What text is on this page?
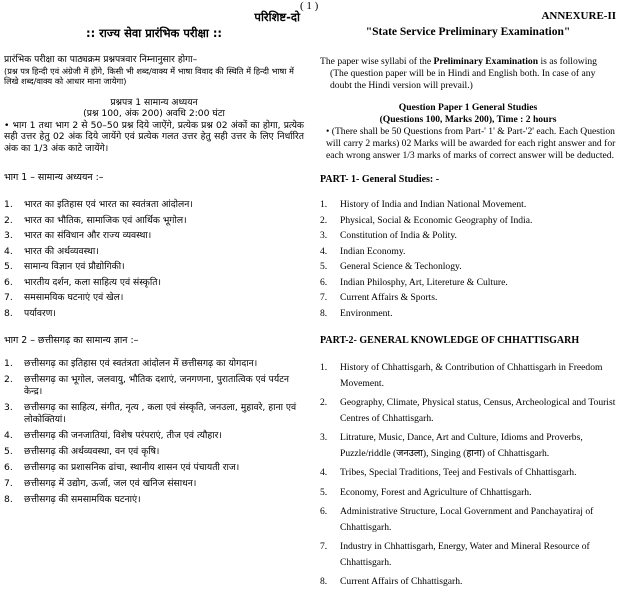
( 1 )
परिशिष्ट-दो
:: राज्य सेवा प्रारंभिक परीक्षा ::

प्रारंभिक परीक्षा का पाठ्यक्रम प्रश्नपत्रवार निम्नानुसार होगा–

(प्रश्न पत्र हिन्दी एवं अंग्रेजी में होंगे, किसी भी शब्द/वाक्य में भाषा विवाद की स्थिति में हिन्दी भाषा में लिखे शब्द/वाक्य को आधार माना जायेगा)

प्रश्नपत्र 1 सामान्य अध्ययन

(प्रश्न 100, अंक 200) अवधि 2:00 घंटा

• भाग 1 तथा भाग 2 से 50–50 प्रश्न दिये जाऐंगे, प्रत्येक प्रश्न 02 अंकों का होगा, प्रत्येक सही उत्तर हेतु 02 अंक दिये जायेंगे एवं प्रत्येक गलत उत्तर हेतु सही उत्तर के लिए निर्धारित अंक का 1/3 अंक काटे जायेंगे।

भाग 1 – सामान्य अध्ययन :–

1.	भारत का इतिहास एवं भारत का स्वतंत्रता आंदोलन।
2.	भारत का भौतिक, सामाजिक एवं आर्थिक भूगोल।
3.	भारत का संविधान और राज्य व्यवस्था।
4.	भारत की अर्थव्यवस्था।
5.	सामान्य विज्ञान एवं प्रौद्योगिकी।
6.	भारतीय दर्शन, कला साहित्य एवं संस्कृति।
7.	समसामयिक घटनाएं एवं खेल।
8.	पर्यावरण।

भाग 2 – छत्तीसगढ़ का सामान्य ज्ञान :–

1.	छत्तीसगढ़ का इतिहास एवं स्वतंत्रता आंदोलन में छत्तीसगढ़ का योगदान।
2.	छत्तीसगढ़ का भूगोल, जलवायु, भौतिक दशाएं, जनगणना, पुरातात्विक एवं पर्यटन केन्द्र।
3.	छत्तीसगढ़ का साहित्य, संगीत, नृत्य , कला एवं संस्कृति, जनउला, मुहावरे, हाना एवं लोकोक्तियां।
4.	छत्तीसगढ़ की जनजातियां, विशेष परंपराएं, तीज एवं त्यौहार।
5.	छत्तीसगढ़ की अर्थव्यवस्था, वन एवं कृषि।
6.	छत्तीसगढ़ का प्रशासनिक ढांचा, स्थानीय शासन एवं पंचायती राज।
7.	छत्तीसगढ़ में उद्योग, ऊर्जा, जल एवं खनिज संसाधन।
8.	छत्तीसगढ़ की समसामयिक घटनाएं।
ANNEXURE-II
"State Service Preliminary Examination"

The paper wise syllabi of the Preliminary Examination is as following

(The question paper will be in Hindi and English both. In case of any doubt the Hindi version will prevail.)

Question Paper 1 General Studies

(Questions 100, Marks 200), Time : 2 hours

• (There shall be 50 Questions from Part-' 1' & Part-'2' each. Each Question will carry 2 marks) 02 Marks will be awarded for each right answer and for each wrong answer 1/3 marks of marks of correct answer will be deducted.

PART- 1- General Studies: -

1.	History of India and Indian National Movement.
2.	Physical, Social & Economic Geography of India.
3.	Constitution of India & Polity.
4.	Indian Economy.
5.	General Science & Techonlogy.
6.	Indian Philosphy, Art, Litereture & Culture.
7.	Current Affairs & Sports.
8.	Environment.

PART-2- GENERAL KNOWLEDGE OF CHHATTISGARH

1.	History of Chhattisgarh, & Contribution of Chhattisgarh in Freedom Movement.
2.	Geography, Climate, Physical status, Census, Archeological and Tourist Centres of Chhattisgarh.
3.	Litrature, Music, Dance, Art and Culture, Idioms and Proverbs, Puzzle/riddle (जनउला), Singing (हाना) of Chhattisgarh.
4.	Tribes, Special Traditions, Teej and Festivals of Chhattisgarh.
5.	Economy, Forest and Agriculture of Chhattisgarh.
6.	Administrative Structure, Local Government and Panchayatiraj of Chhattisgarh.
7.	Industry in Chhattisgarh, Energy, Water and Mineral Resource of Chhattisgarh.
8.	Current Affairs of Chhattisgarh.
